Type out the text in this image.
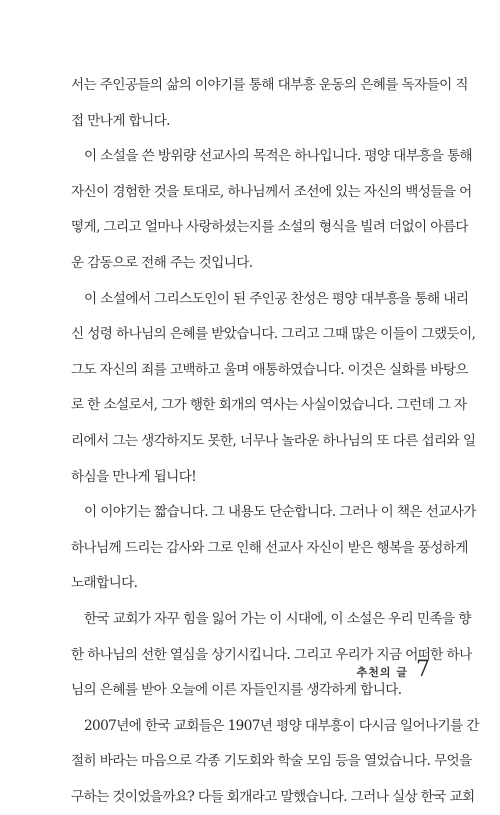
서는 주인공들의 삶의 이야기를 통해 대부흥 운동의 은혜를 독자들이 직
접 만나게 합니다.
이 소설을 쓴 방위량 선교사의 목적은 하나입니다. 평양 대부흥을 통해
자신이 경험한 것을 토대로, 하나님께서 조선에 있는 자신의 백성들을 어
떻게, 그리고 얼마나 사랑하셨는지를 소설의 형식을 빌려 더없이 아름다
운 감동으로 전해 주는 것입니다.
이 소설에서 그리스도인이 된 주인공 찬성은 평양 대부흥을 통해 내리
신 성령 하나님의 은혜를 받았습니다. 그리고 그때 많은 이들이 그랬듯이,
그도 자신의 죄를 고백하고 울며 애통하였습니다. 이것은 실화를 바탕으
로 한 소설로서, 그가 행한 회개의 역사는 사실이었습니다. 그런데 그 자
리에서 그는 생각하지도 못한, 너무나 놀라운 하나님의 또 다른 섭리와 일
하심을 만나게 됩니다!
이 이야기는 짧습니다. 그 내용도 단순합니다. 그러나 이 책은 선교사가
하나님께 드리는 감사와 그로 인해 선교사 자신이 받은 행복을 풍성하게
노래합니다.
한국 교회가 자꾸 힘을 잃어 가는 이 시대에, 이 소설은 우리 민족을 향
한 하나님의 선한 열심을 상기시킵니다. 그리고 우리가 지금 어떠한 하나
님의 은혜를 받아 오늘에 이른 자들인지를 생각하게 합니다.
2007년에 한국 교회들은 1907년 평양 대부흥이 다시금 일어나기를 간
절히 바라는 마음으로 각종 기도회와 학술 모임 등을 열었습니다. 무엇을
구하는 것이었을까요? 다들 회개라고 말했습니다. 그러나 실상 한국 교회
추천의 글 7
